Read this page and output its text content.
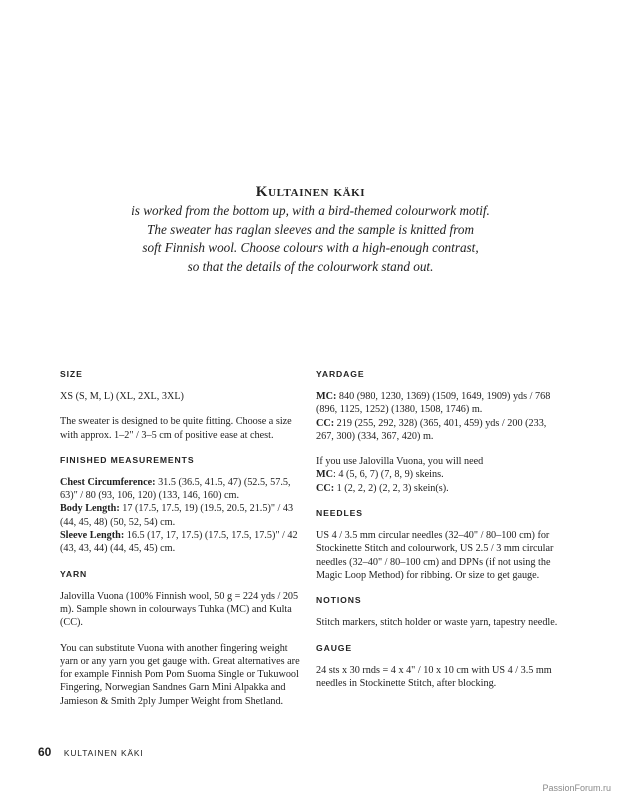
Kultainen käki
is worked from the bottom up, with a bird-themed colourwork motif.
The sweater has raglan sleeves and the sample is knitted from
soft Finnish wool. Choose colours with a high-enough contrast,
so that the details of the colourwork stand out.
SIZE

XS (S, M, L) (XL, 2XL, 3XL)

The sweater is designed to be quite fitting. Choose a size with approx. 1–2" / 3–5 cm of positive ease at chest.

FINISHED MEASUREMENTS

Chest Circumference: 31.5 (36.5, 41.5, 47) (52.5, 57.5, 63)" / 80 (93, 106, 120) (133, 146, 160) cm.
Body Length: 17 (17.5, 17.5, 19) (19.5, 20.5, 21.5)" / 43 (44, 45, 48) (50, 52, 54) cm.
Sleeve Length: 16.5 (17, 17, 17.5) (17.5, 17.5, 17.5)" / 42 (43, 43, 44) (44, 45, 45) cm.

YARN

Jalovilla Vuona (100% Finnish wool, 50 g = 224 yds / 205 m). Sample shown in colourways Tuhka (MC) and Kulta (CC).

You can substitute Vuona with another fingering weight yarn or any yarn you get gauge with. Great alternatives are for example Finnish Pom Pom Suoma Single or Tukuwool Fingering, Norwegian Sandnes Garn Mini Alpakka and Jamieson & Smith 2ply Jumper Weight from Shetland.

YARDAGE

MC: 840 (980, 1230, 1369) (1509, 1649, 1909) yds / 768 (896, 1125, 1252) (1380, 1508, 1746) m.
CC: 219 (255, 292, 328) (365, 401, 459) yds / 200 (233, 267, 300) (334, 367, 420) m.

If you use Jalovilla Vuona, you will need
MC: 4 (5, 6, 7) (7, 8, 9) skeins.
CC: 1 (2, 2, 2) (2, 2, 3) skein(s).

NEEDLES

US 4 / 3.5 mm circular needles (32–40" / 80–100 cm) for Stockinette Stitch and colourwork, US 2.5 / 3 mm circular needles (32–40" / 80–100 cm) and DPNs (if not using the Magic Loop Method) for ribbing. Or size to get gauge.

NOTIONS

Stitch markers, stitch holder or waste yarn, tapestry needle.

GAUGE

24 sts x 30 rnds = 4 x 4" / 10 x 10 cm with US 4 / 3.5 mm needles in Stockinette Stitch, after blocking.

60 KULTAINEN KÄKI
PassionForum.ru
